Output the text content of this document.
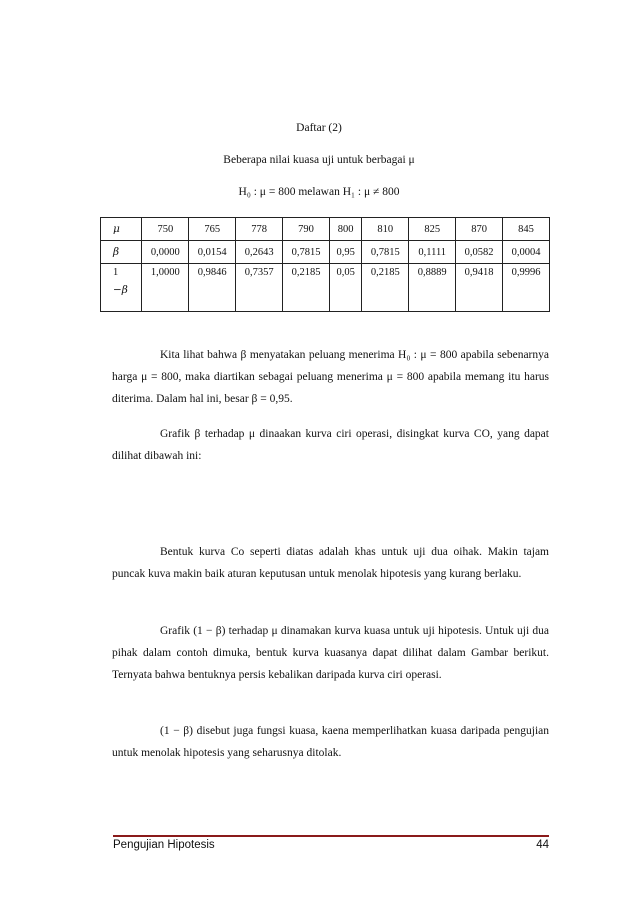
Daftar (2)
Beberapa nilai kuasa uji untuk berbagai μ
H₀ : μ = 800 melawan H₁ : μ ≠ 800
μ	750	765	778	790	800	810	825	870	845
β	0,0000	0,0154	0,2643	0,7815	0,95	0,7815	0,1111	0,0582	0,0004

1
−β	1,0000	0,9846	0,7357	0,2185	0,05	0,2185	0,8889	0,9418	0,9996

Kita lihat bahwa β menyatakan peluang menerima H₀ : μ = 800 apabila sebenarnya harga μ = 800, maka diartikan sebagai peluang menerima μ = 800 apabila memang itu harus diterima. Dalam hal ini, besar β = 0,95.

Grafik β terhadap μ dinaakan kurva ciri operasi, disingkat kurva CO, yang dapat dilihat dibawah ini:

Bentuk kurva Co seperti diatas adalah khas untuk uji dua oihak. Makin tajam puncak kuva makin baik aturan keputusan untuk menolak hipotesis yang kurang berlaku.

Grafik (1 − β) terhadap μ dinamakan kurva kuasa untuk uji hipotesis. Untuk uji dua pihak dalam contoh dimuka, bentuk kurva kuasanya dapat dilihat dalam Gambar berikut. Ternyata bahwa bentuknya persis kebalikan daripada kurva ciri operasi.

(1 − β) disebut juga fungsi kuasa, kaena memperlihatkan kuasa daripada pengujian untuk menolak hipotesis yang seharusnya ditolak.

Pengujian Hipotesis	44
